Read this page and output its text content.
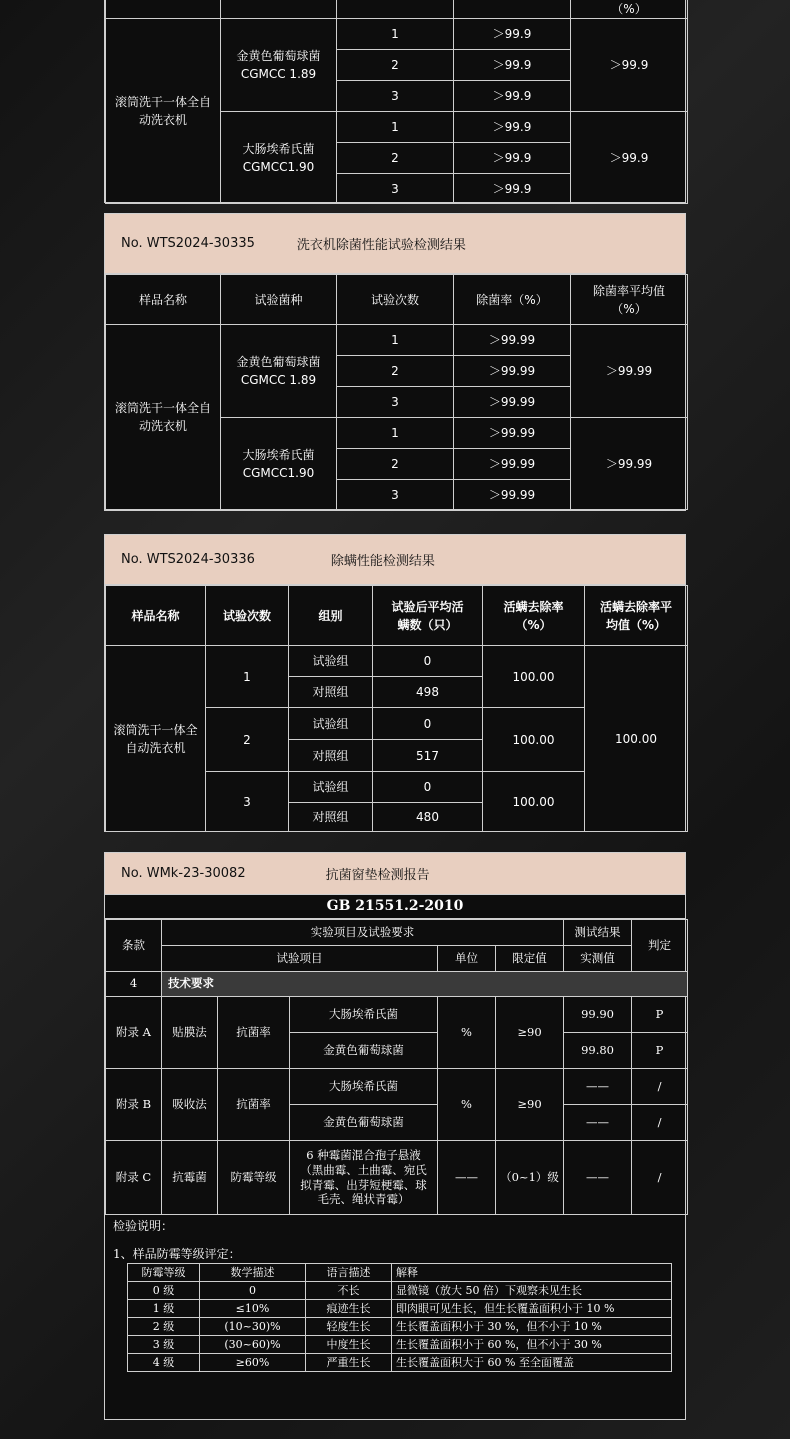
				（%）
滚筒洗干一体全自动洗衣机	金黄色葡萄球菌 CGMCC 1.89	1	＞99.9	＞99.9
		2	＞99.9	
		3	＞99.9	
	大肠埃希氏菌 CGMCC1.90	1	＞99.9	＞99.9
		2	＞99.9	
		3	＞99.9	
No. WTS2024-30335	洗衣机除菌性能试验检测结果
样品名称	试验菌种	试验次数	除菌率（%）	除菌率平均值（%）
滚筒洗干一体全自动洗衣机	金黄色葡萄球菌 CGMCC 1.89	1	＞99.99	＞99.99
		2	＞99.99	
		3	＞99.99	
	大肠埃希氏菌 CGMCC1.90	1	＞99.99	＞99.99
		2	＞99.99	
		3	＞99.99	
No. WTS2024-30336	除螨性能检测结果
样品名称	试验次数	组别	试验后平均活螨数（只）	活螨去除率（%）	活螨去除率平均值（%）
滚筒洗干一体全自动洗衣机	1	试验组	0	100.00	100.00
		对照组	498		
	2	试验组	0	100.00	
		对照组	517		
	3	试验组	0	100.00	
		对照组	480		
No. WMk-23-30082	抗菌窗垫检测报告
GB 21551.2-2010
条款	实验项目及试验要求					测试结果	判定
	试验项目			单位	限定值	实测值	
4	技术要求						
附录 A	贴膜法	抗菌率	大肠埃希氏菌	%	≥90	99.90	P
			金黄色葡萄球菌			99.80	P
附录 B	吸收法	抗菌率	大肠埃希氏菌	%	≥90	——	/
			金黄色葡萄球菌			——	/
附录 C	抗霉菌	防霉等级	6 种霉菌混合孢子悬液（黑曲霉、土曲霉、宛氏拟青霉、出芽短梗霉、球毛壳、绳状青霉）	——	（0~1）级	——	/
检验说明：
1、样品防霉等级评定：
防霉等级	数学描述	语言描述	解释
0 级	0	不长	显微镜（放大 50 倍）下观察未见生长
1 级	≤10%	痕迹生长	即肉眼可见生长，但生长覆盖面积小于 10 %
2 级	(10~30)%	轻度生长	生长覆盖面积小于 30 %，但不小于 10 %
3 级	(30~60)%	中度生长	生长覆盖面积小于 60 %，但不小于 30 %
4 级	≥60%	严重生长	生长覆盖面积大于 60 % 至全面覆盖
